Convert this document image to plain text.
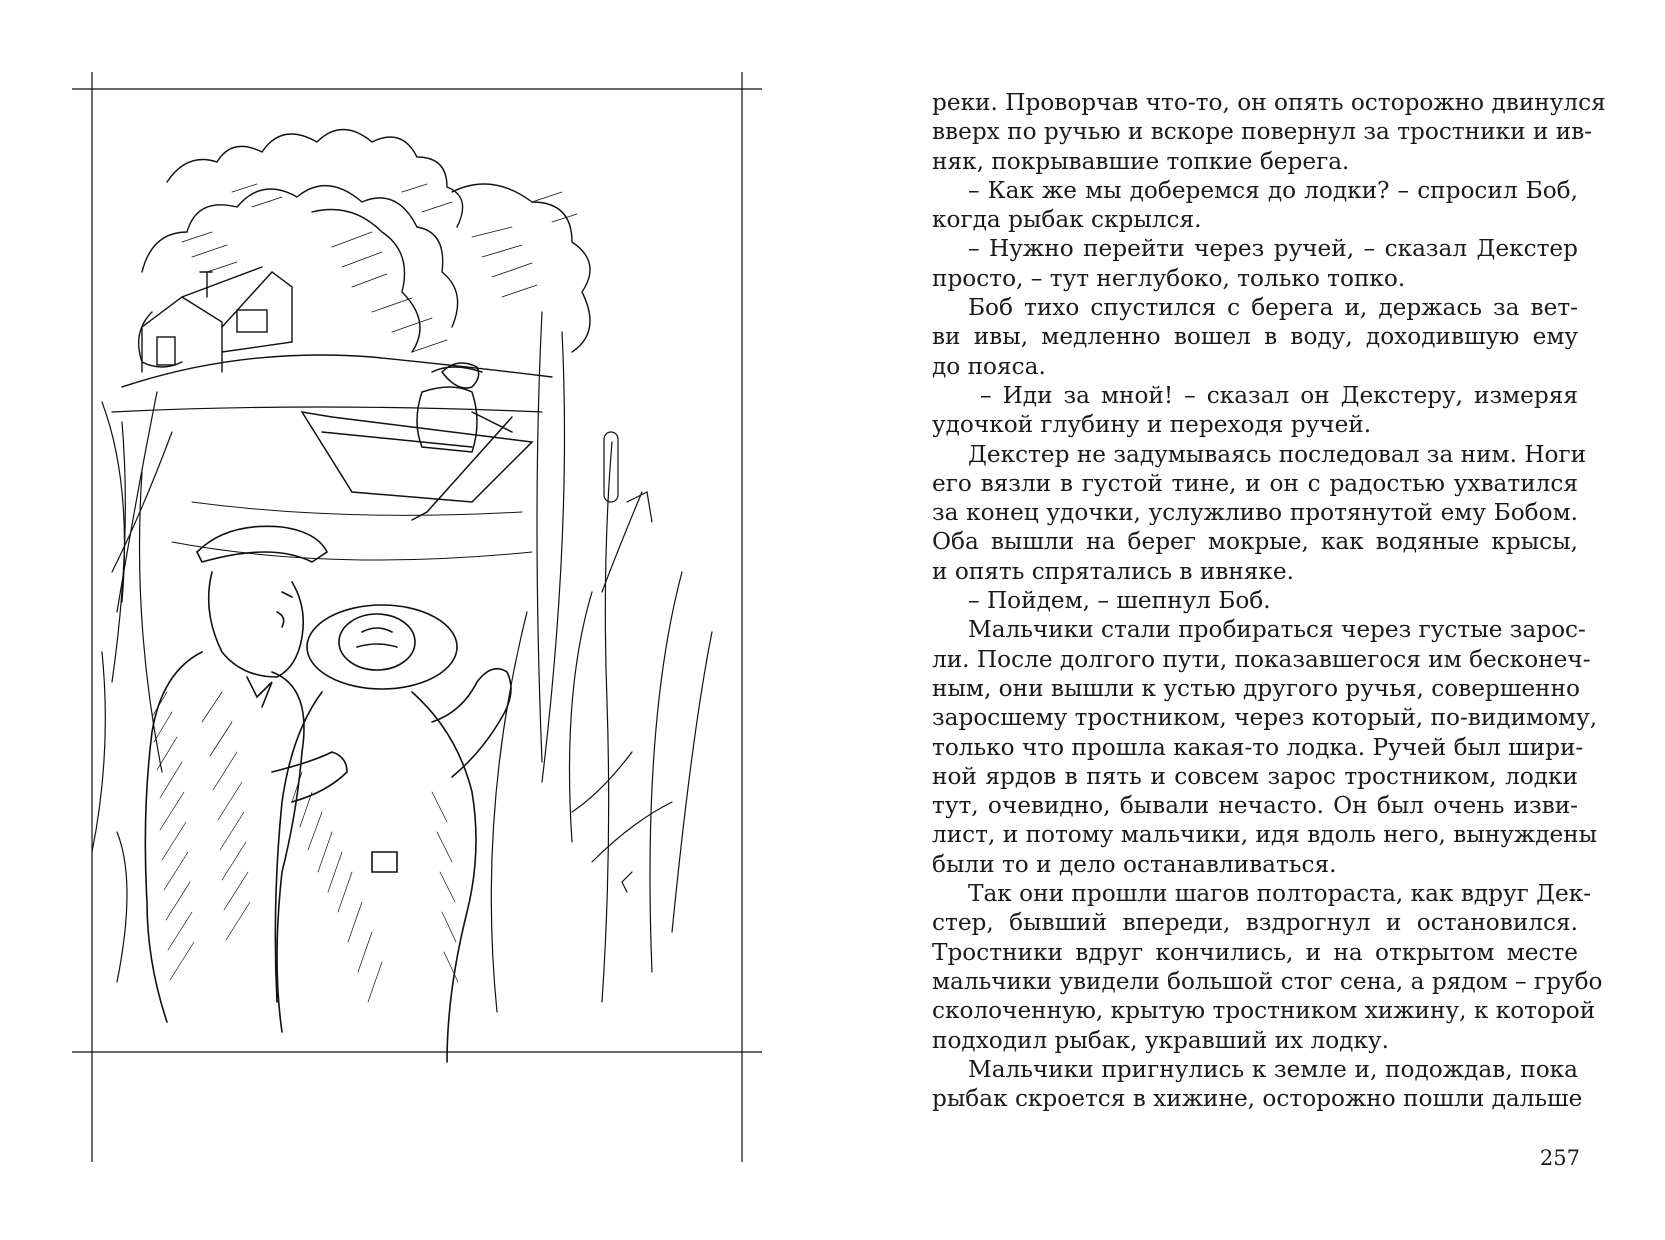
реки. Проворчав что-то, он опять осторожно двинулся
вверх по ручью и вскоре повернул за тростники и ив-
няк, покрывавшие топкие берега.

– Как же мы доберемся до лодки? – спросил Боб,
когда рыбак скрылся.

– Нужно перейти через ручей, – сказал Декстер
просто, – тут неглубоко, только топко.

Боб тихо спустился с берега и, держась за вет-
ви ивы, медленно вошел в воду, доходившую ему
до пояса.

– Иди за мной! – сказал он Декстеру, измеряя
удочкой глубину и переходя ручей.

Декстер не задумываясь последовал за ним. Ноги
его вязли в густой тине, и он с радостью ухватился
за конец удочки, услужливо протянутой ему Бобом.
Оба вышли на берег мокрые, как водяные крысы,
и опять спрятались в ивняке.

– Пойдем, – шепнул Боб.

Мальчики стали пробираться через густые зарос-
ли. После долгого пути, показавшегося им бесконеч-
ным, они вышли к устью другого ручья, совершенно
заросшему тростником, через который, по-видимому,
только что прошла какая-то лодка. Ручей был шири-
ной ярдов в пять и совсем зарос тростником, лодки
тут, очевидно, бывали нечасто. Он был очень изви-
лист, и потому мальчики, идя вдоль него, вынуждены
были то и дело останавливаться.

Так они прошли шагов полтораста, как вдруг Дек-
стер, бывший впереди, вздрогнул и остановился.
Тростники вдруг кончились, и на открытом месте
мальчики увидели большой стог сена, а рядом – грубо
сколоченную, крытую тростником хижину, к которой
подходил рыбак, укравший их лодку.

Мальчики пригнулись к земле и, подождав, пока
рыбак скроется в хижине, осторожно пошли дальше

257
